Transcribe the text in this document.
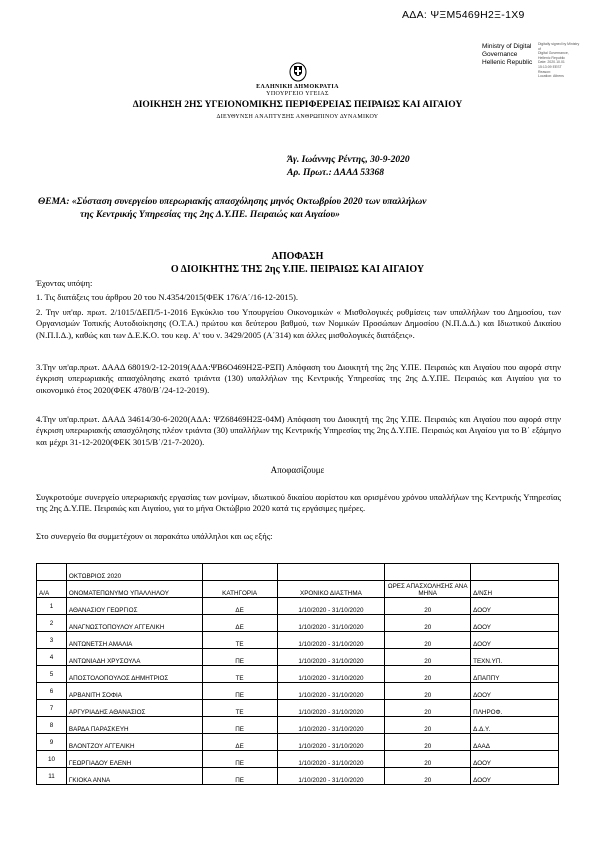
ΑΔΑ: ΨΞΜ5469Η2Ξ-1Χ9
Ministry of Digital
Governance
Hellenic Republic
Digitally signed by Ministry of
Digital Governance,
Hellenic Republic
Date: 2020.10.01
15:13:09 EEST
Reason:
Location: Athens
ΕΛΛΗΝΙΚΗ ΔΗΜΟΚΡΑΤΙΑ
ΥΠΟΥΡΓΕΙΟ ΥΓΕΙΑΣ
ΔΙΟΙΚΗΣΗ 2ΗΣ ΥΓΕΙΟΝΟΜΙΚΗΣ ΠΕΡΙΦΕΡΕΙΑΣ ΠΕΙΡΑΙΩΣ ΚΑΙ ΑΙΓΑΙΟΥ
ΔΙΕΥΘΥΝΣΗ ΑΝΑΠΤΥΞΗΣ ΑΝΘΡΩΠΙΝΟΥ ΔΥΝΑΜΙΚΟΥ
Άγ. Ιωάννης Ρέντης, 30-9-2020
Αρ. Πρωτ.: ΔΑΑΔ 53368
ΘΕΜΑ: «Σύσταση συνεργείου υπερωριακής απασχόλησης μηνός Οκτωβρίου 2020 των υπαλλήλων
της Κεντρικής Υπηρεσίας της 2ης Δ.Υ.ΠΕ. Πειραιώς και Αιγαίου»
ΑΠΟΦΑΣΗ
Ο ΔΙΟΙΚΗΤΗΣ ΤΗΣ 2ης Υ.ΠΕ. ΠΕΙΡΑΙΩΣ ΚΑΙ ΑΙΓΑΙΟΥ
Έχοντας υπόψη:
1. Τις διατάξεις του άρθρου 20 του Ν.4354/2015(ΦΕΚ 176/Α΄/16-12-2015).
2. Την υπ'αρ. πρωτ. 2/1015/ΔΕΠ/5-1-2016 Εγκύκλιο του Υπουργείου Οικονομικών « Μισθολογικές ρυθμίσεις των υπαλλήλων του Δημοσίου, των Οργανισμών Τοπικής Αυτοδιοίκησης (Ο.Τ.Α.) πρώτου και δεύτερου βαθμού, των Νομικών Προσώπων Δημοσίου (Ν.Π.Δ.Δ.) και Ιδιωτικού Δικαίου (Ν.Π.Ι.Δ.), καθώς και των Δ.Ε.Κ.Ο. του κεφ. Α' του ν. 3429/2005 (Α΄314) και άλλες μισθολογικές διατάξεις».
3.Την υπ'αρ.πρωτ. ΔΑΑΔ 68019/2-12-2019(ΑΔΑ:ΨΒ6Ο469Η2Ξ-ΡΞΠ) Απόφαση του Διοικητή της 2ης Υ.ΠΕ. Πειραιώς και Αιγαίου που αφορά στην έγκριση υπερωριακής απασχόλησης εκατό τριάντα (130) υπαλλήλων της Κεντρικής Υπηρεσίας της 2ης Δ.Υ.ΠΕ. Πειραιώς και Αιγαίου για το οικονομικό έτος 2020(ΦΕΚ 4780/Β΄/24-12-2019).
4.Την υπ'αρ.πρωτ. ΔΑΑΔ 34614/30-6-2020(ΑΔΑ: ΨΖ68469Η2Ξ-04Μ) Απόφαση του Διοικητή της 2ης Υ.ΠΕ. Πειραιώς και Αιγαίου που αφορά στην έγκριση υπερωριακής απασχόλησης πλέον τριάντα (30) υπαλλήλων της Κεντρικής Υπηρεσίας της 2ης Δ.Υ.ΠΕ. Πειραιώς και Αιγαίου για το Β΄ εξάμηνο και μέχρι 31-12-2020(ΦΕΚ 3015/Β΄/21-7-2020).
Αποφασίζουμε
Συγκροτούμε συνεργείο υπερωριακής εργασίας των μονίμων, ιδιωτικού δικαίου αορίστου και ορισμένου χρόνου υπαλλήλων της Κεντρικής Υπηρεσίας της 2ης Δ.Υ.ΠΕ. Πειραιώς και Αιγαίου, για το μήνα Οκτώβριο 2020 κατά τις εργάσιμες ημέρες.
Στο συνεργείο θα συμμετέχουν οι παρακάτω υπάλληλοι και ως εξής:
	ΟΚΤΩΒΡΙΟΣ 2020				
Α/Α	ΟΝΟΜΑΤΕΠΩΝΥΜΟ ΥΠΑΛΛΗΛΟΥ	ΚΑΤΗΓΟΡΙΑ	ΧΡΟΝΙΚΟ ΔΙΑΣΤΗΜΑ	ΩΡΕΣ ΑΠΑΣΧΟΛΗΣΗΣ ΑΝΑ ΜΗΝΑ	Δ/ΝΣΗ
1	ΑΘΑΝΑΣΙΟΥ ΓΕΩΡΓΙΟΣ	ΔΕ	1/10/2020 - 31/10/2020	20	ΔΟΟΥ
2	ΑΝΑΓΝΩΣΤΟΠΟΥΛΟΥ ΑΓΓΕΛΙΚΗ	ΔΕ	1/10/2020 - 31/10/2020	20	ΔΟΟΥ
3	ΑΝΤΩΝΕΤΣΗ ΑΜΑΛΙΑ	ΤΕ	1/10/2020 - 31/10/2020	20	ΔΟΟΥ
4	ΑΝΤΩΝΙΑΔΗ ΧΡΥΣΟΥΛΑ	ΠΕ	1/10/2020 - 31/10/2020	20	ΤΕΧΝ.ΥΠ.
5	ΑΠΟΣΤΟΛΟΠΟΥΛΟΣ ΔΗΜΗΤΡΙΟΣ	ΤΕ	1/10/2020 - 31/10/2020	20	ΔΠΑΠΠΥ
6	ΑΡΒΑΝΙΤΗ ΣΟΦΙΑ	ΠΕ	1/10/2020 - 31/10/2020	20	ΔΟΟΥ
7	ΑΡΓΥΡΙΑΔΗΣ ΑΘΑΝΑΣΙΟΣ	ΤΕ	1/10/2020 - 31/10/2020	20	ΠΛΗΡΟΦ.
8	ΒΑΡΔΑ ΠΑΡΑΣΚΕΥΗ	ΠΕ	1/10/2020 - 31/10/2020	20	Δ.Δ.Υ.
9	ΒΛΟΝΤΖΟΥ ΑΓΓΕΛΙΚΗ	ΔΕ	1/10/2020 - 31/10/2020	20	ΔΑΑΔ
10	ΓΕΩΡΓΙΑΔΟΥ ΕΛΕΝΗ	ΠΕ	1/10/2020 - 31/10/2020	20	ΔΟΟΥ
11	ΓΚΙΟΚΑ ΑΝΝΑ	ΠΕ	1/10/2020 - 31/10/2020	20	ΔΟΟΥ
